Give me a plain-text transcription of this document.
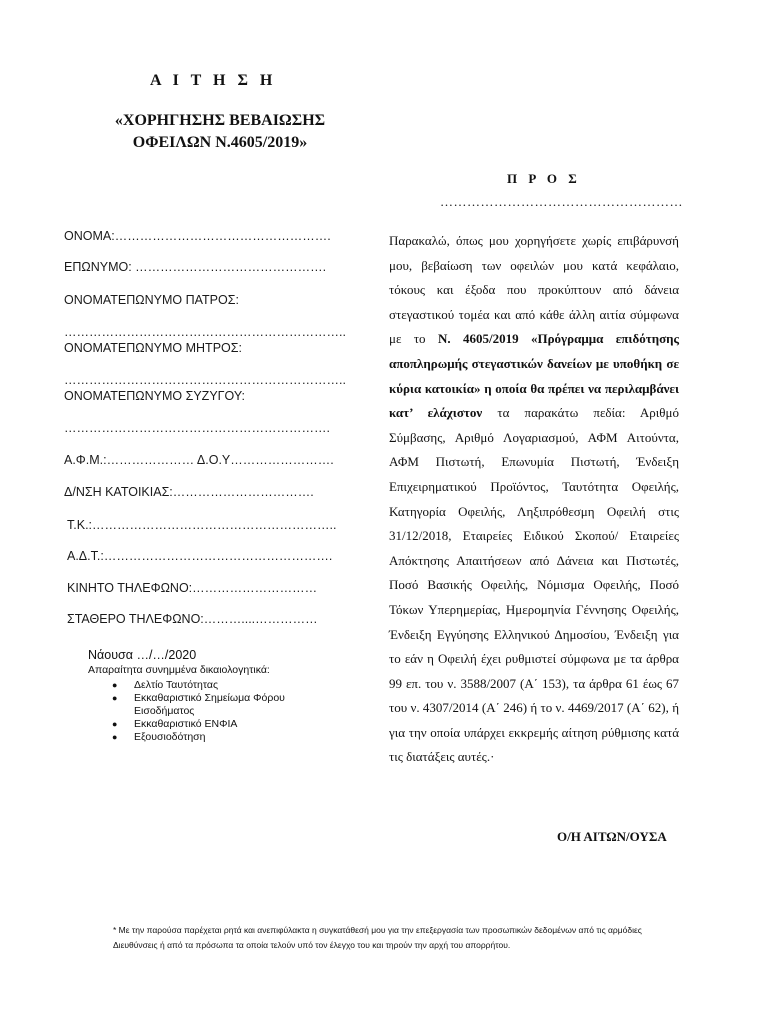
Α Ι Τ Η Σ Η
«ΧΟΡΗΓΗΣΗΣ ΒΕΒΑΙΩΣΗΣ
ΟΦΕΙΛΩΝ Ν.4605/2019»
Π Ρ Ο Σ
………………………………………………
ΟΝΟΜΑ:…………………………………………….
ΕΠΩΝΥΜΟ: ……………………………………….
ΟΝΟΜΑΤΕΠΩΝΥΜΟ ΠΑΤΡΟΣ:
…………………………………………………………..
ΟΝΟΜΑΤΕΠΩΝΥΜΟ ΜΗΤΡΟΣ:
…………………………………………………………..
ΟΝΟΜΑΤΕΠΩΝΥΜΟ ΣΥΖΥΓΟΥ:
……………………………………………………….
Α.Φ.Μ.:………………… Δ.Ο.Υ…………………….
Δ/ΝΣΗ ΚΑΤΟΙΚΙΑΣ:…………………………….
Τ.Κ.:…………………………………………………..
Α.Δ.Τ.:……………………………………………….
ΚΙΝΗΤΟ ΤΗΛΕΦΩΝΟ:…………………………
ΣΤΑΘΕΡΟ ΤΗΛΕΦΩΝΟ:………....……………
Παρακαλώ, όπως μου χορηγήσετε χωρίς επιβάρυνσή μου, βεβαίωση των οφειλών μου κατά κεφάλαιο, τόκους και έξοδα που προκύπτουν από δάνεια στεγαστικού τομέα και από κάθε άλλη αιτία σύμφωνα με το Ν. 4605/2019 «Πρόγραμμα επιδότησης αποπληρωμής στεγαστικών δανείων με υποθήκη σε κύρια κατοικία» η οποία θα πρέπει να περιλαμβάνει κατ’ ελάχιστον τα παρακάτω πεδία: Αριθμό Σύμβασης, Αριθμό Λογαριασμού, ΑΦΜ Αιτούντα, ΑΦΜ Πιστωτή, Επωνυμία Πιστωτή, Ένδειξη Επιχειρηματικού Προϊόντος, Ταυτότητα Οφειλής, Κατηγορία Οφειλής, Ληξιπρόθεσμη Οφειλή στις 31/12/2018, Εταιρείες Ειδικού Σκοπού/ Εταιρείες Απόκτησης Απαιτήσεων από Δάνεια και Πιστωτές, Ποσό Βασικής Οφειλής, Νόμισμα Οφειλής, Ποσό Τόκων Υπερημερίας, Ημερομηνία Γέννησης Οφειλής, Ένδειξη Εγγύησης Ελληνικού Δημοσίου, Ένδειξη για το εάν η Οφειλή έχει ρυθμιστεί σύμφωνα με τα άρθρα 99 επ. του ν. 3588/2007 (Α΄ 153), τα άρθρα 61 έως 67 του ν. 4307/2014 (Α΄ 246) ή το ν. 4469/2017 (Α΄ 62), ή για την οποία υπάρχει εκκρεμής αίτηση ρύθμισης κατά τις διατάξεις αυτές.·
Ο/Η ΑΙΤΩΝ/ΟΥΣΑ
Νάουσα …/…/2020
Απαραίτητα συνημμένα δικαιολογητικά:
● Δελτίο Ταυτότητας
● Εκκαθαριστικό Σημείωμα Φόρου Εισοδήματος
● Εκκαθαριστικό ΕΝΦΙΑ
● Εξουσιοδότηση
* Με την παρούσα παρέχεται ρητά και ανεπιφύλακτα η συγκατάθεσή μου για την επεξεργασία των προσωπικών δεδομένων από τις αρμόδιες Διευθύνσεις ή από τα πρόσωπα τα οποία τελούν υπό τον έλεγχο του και τηρούν την αρχή του απορρήτου.
